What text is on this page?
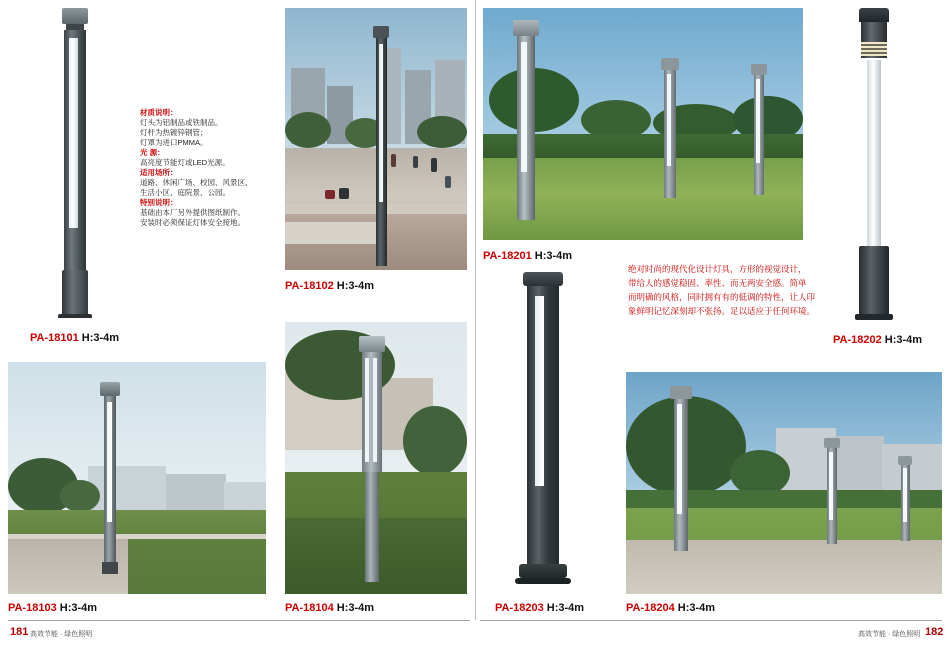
PA-18101 H:3-4m
材质说明：
灯头为铝制品或铁制品。
灯杆为热镀锌钢管；
灯罩为进口PMMA。
光 源：
高亮度节能灯或LED光源。
适用场所：
道路、休闲广场、校园、风景区、
生活小区、庭院景、公园。
特别说明：
基础由本厂另外提供图纸制作。
安装时必须保证灯体安全接地。
PA-18102 H:3-4m
PA-18103 H:3-4m	PA-18104 H:3-4m
PA-18201 H:3-4m
PA-18202 H:3-4m
绝对时尚的现代化设计灯具，方形的视觉设计，
带给人的感觉稳固、率性、而无两安全感。简单
而明确的风格，同时拥有有的低调的特性，让人印
象鲜明记忆深刻却不张扬。足以适应于任何环境。
PA-18203 H:3-4m	PA-18204 H:3-4m
181 高效节能 · 绿色照明	高效节能 · 绿色照明 182
